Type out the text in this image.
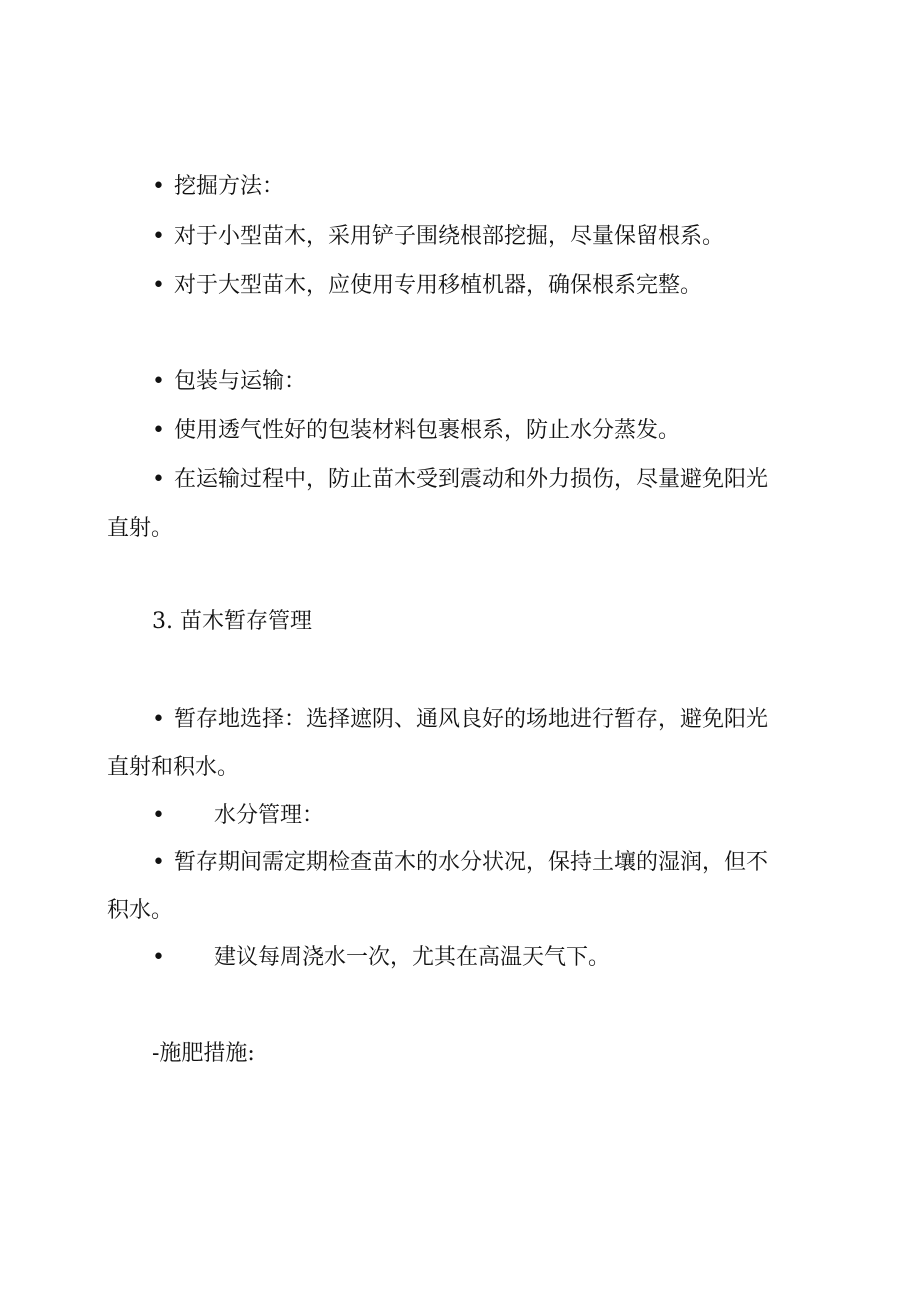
• 挖掘方法：
• 对于小型苗木，采用铲子围绕根部挖掘，尽量保留根系。
• 对于大型苗木，应使用专用移植机器，确保根系完整。
• 包装与运输：
• 使用透气性好的包装材料包裹根系，防止水分蒸发。
• 在运输过程中，防止苗木受到震动和外力损伤，尽量避免阳光
直射。
3. 苗木暂存管理
• 暂存地选择：选择遮阴、通风良好的场地进行暂存，避免阳光
直射和积水。
• 水分管理：
• 暂存期间需定期检查苗木的水分状况，保持土壤的湿润，但不
积水。
• 建议每周浇水一次，尤其在高温天气下。
-施肥措施:
